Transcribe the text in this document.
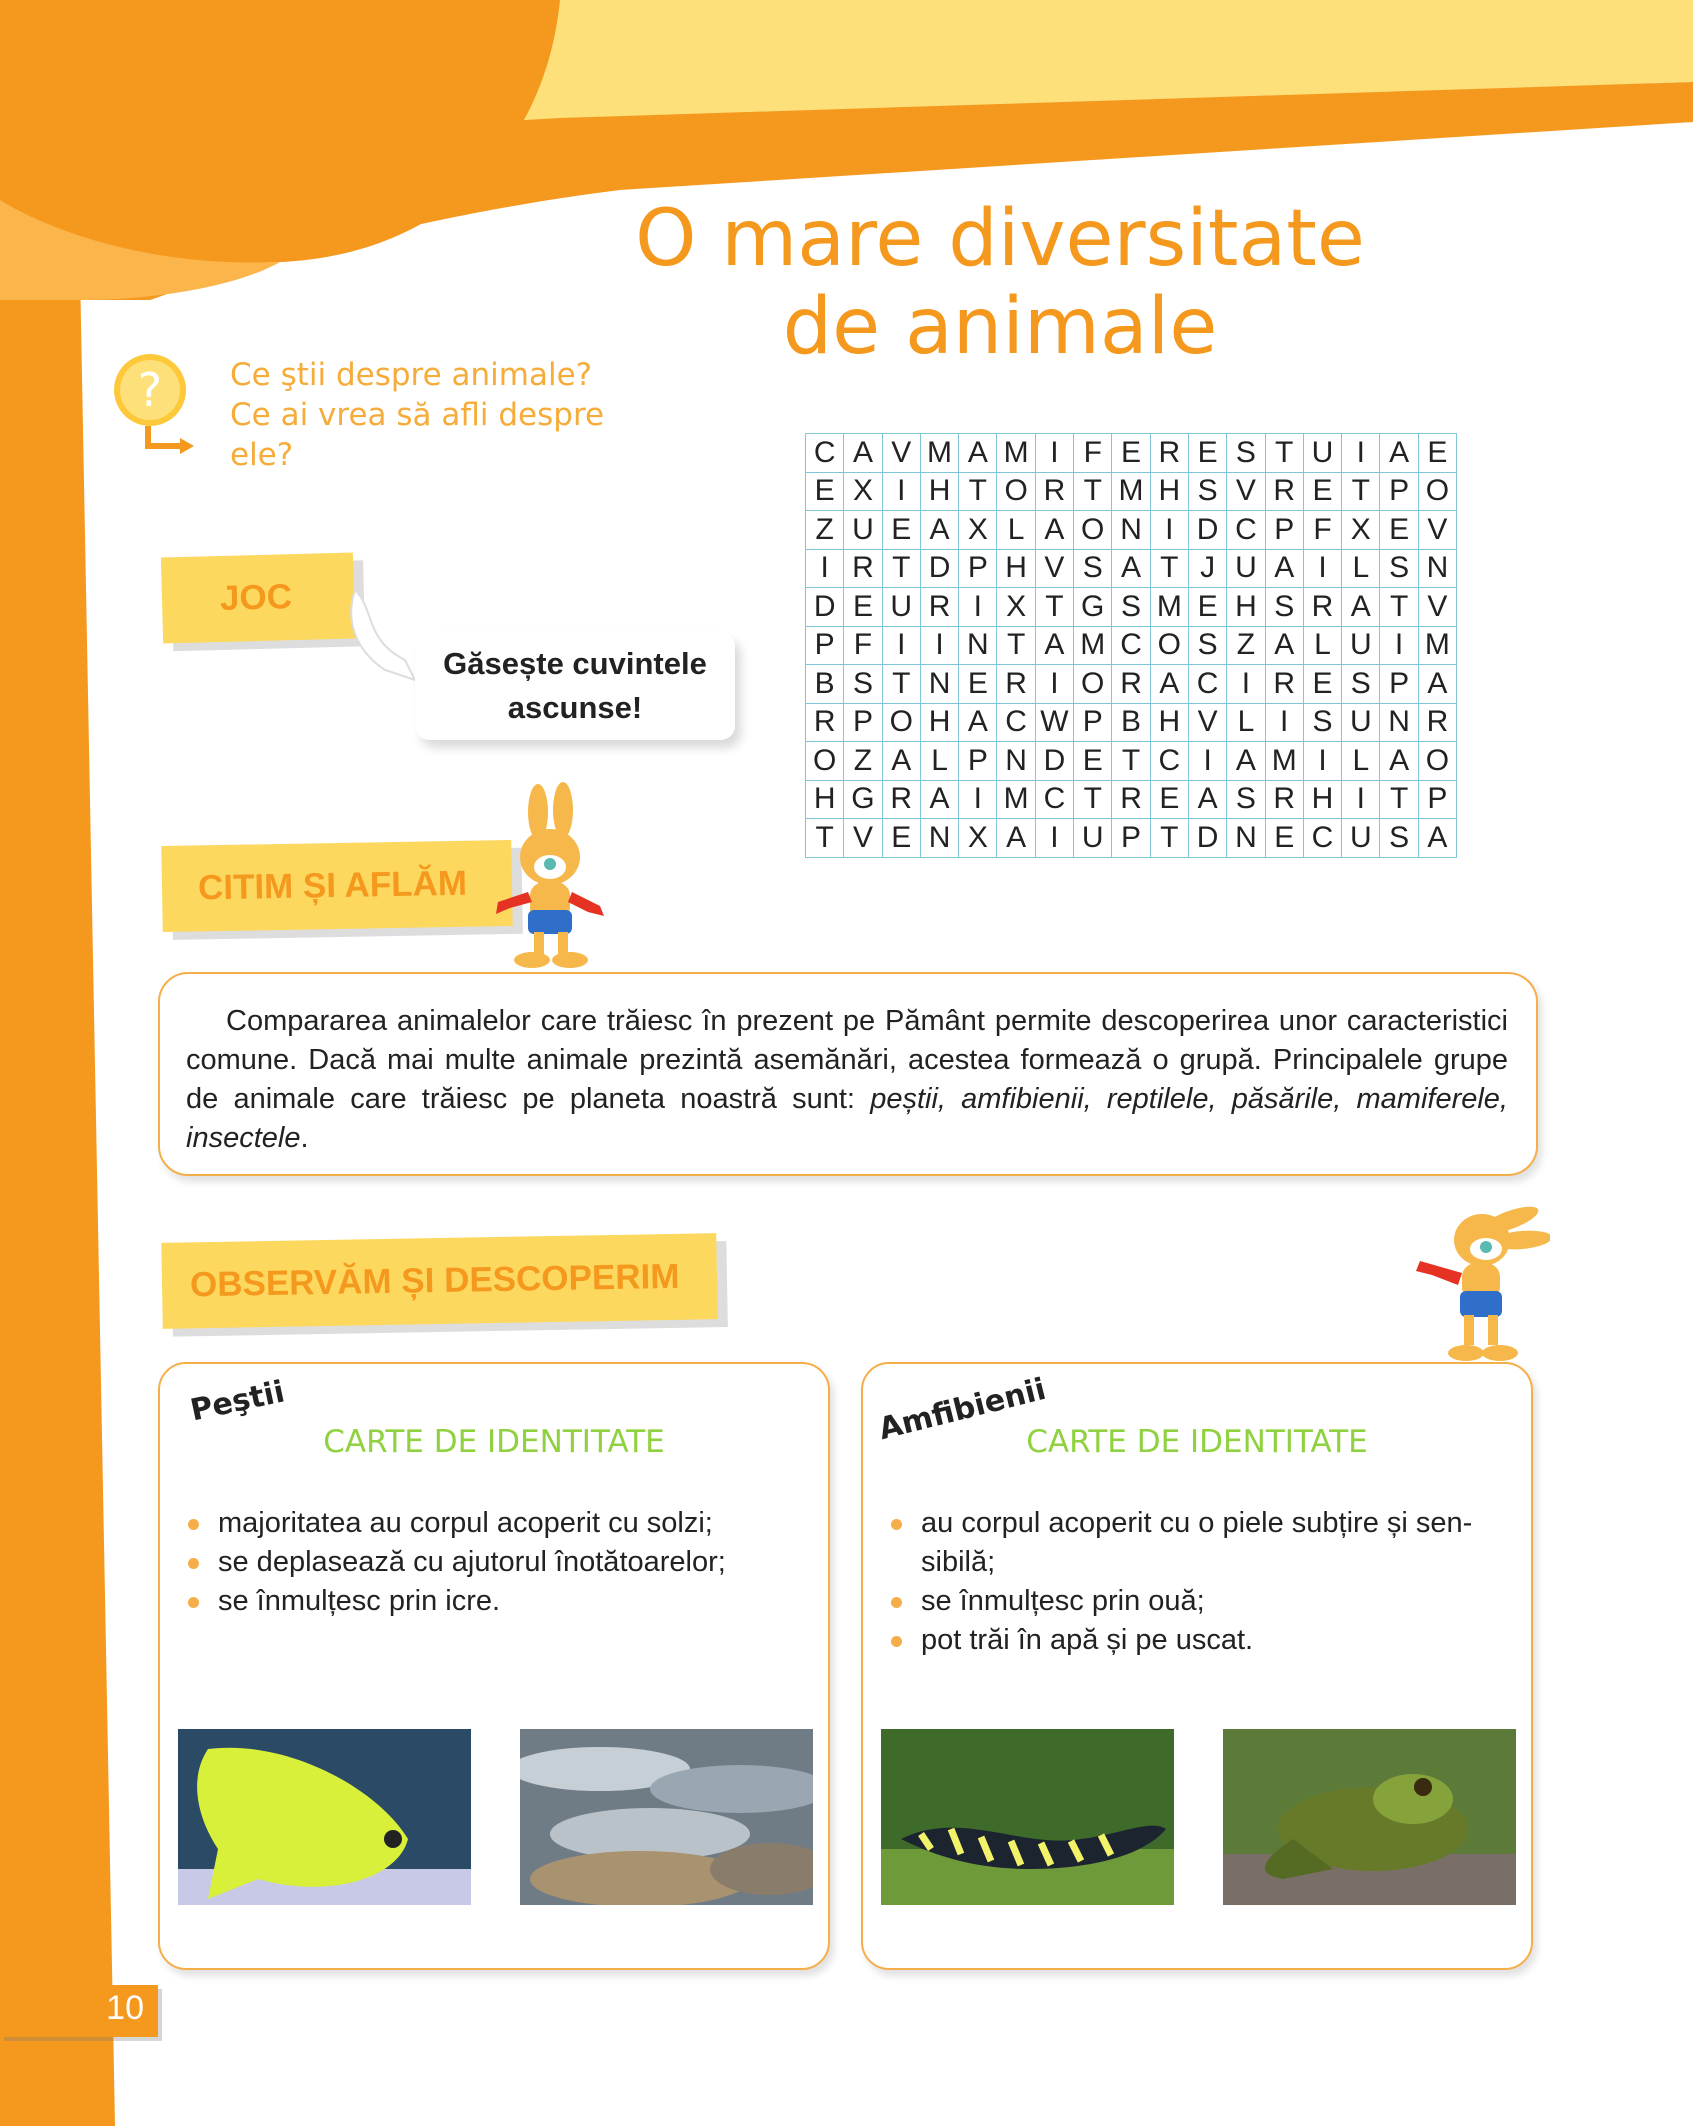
O mare diversitate
de animale
? Ce ştii despre animale?
Ce ai vrea să afli despre
ele?
JOC
Găsește cuvintele
ascunse!
C	A	V	M	A	M	I	F	E	R	E	S	T	U	I	A	E
E	X	I	H	T	O	R	T	M	H	S	V	R	E	T	P	O
Z	U	E	A	X	L	A	O	N	I	D	C	P	F	X	E	V
I	R	T	D	P	H	V	S	A	T	J	U	A	I	L	S	N
D	E	U	R	I	X	T	G	S	M	E	H	S	R	A	T	V
P	F	I	I	N	T	A	M	C	O	S	Z	A	L	U	I	M
B	S	T	N	E	R	I	O	R	A	C	I	R	E	S	P	A
R	P	O	H	A	C	W	P	B	H	V	L	I	S	U	N	R
O	Z	A	L	P	N	D	E	T	C	I	A	M	I	L	A	O
H	G	R	A	I	M	C	T	R	E	A	S	R	H	I	T	P
T	V	E	N	X	A	I	U	P	T	D	N	E	C	U	S	A
CITIM ȘI AFLĂM

Compararea animalelor care trăiesc în prezent pe Pământ permite descoperirea unor caracteristici comune. Dacă mai multe animale prezintă asemănări, acestea formează o grupă. Principalele grupe de animale care trăiesc pe planeta noastră sunt: peștii, amfibienii, reptilele, păsările, mamiferele, insectele.

OBSERVĂM ȘI DESCOPERIM
Peştii
CARTE DE IDENTITATE
majoritatea au corpul acoperit cu solzi;
se deplasează cu ajutorul înotătoarelor;
se înmulțesc prin icre.
Amfibienii
CARTE DE IDENTITATE
au corpul acoperit cu o piele subțire și sensibilă;
se înmulțesc prin ouă;
pot trăi în apă și pe uscat.
10
